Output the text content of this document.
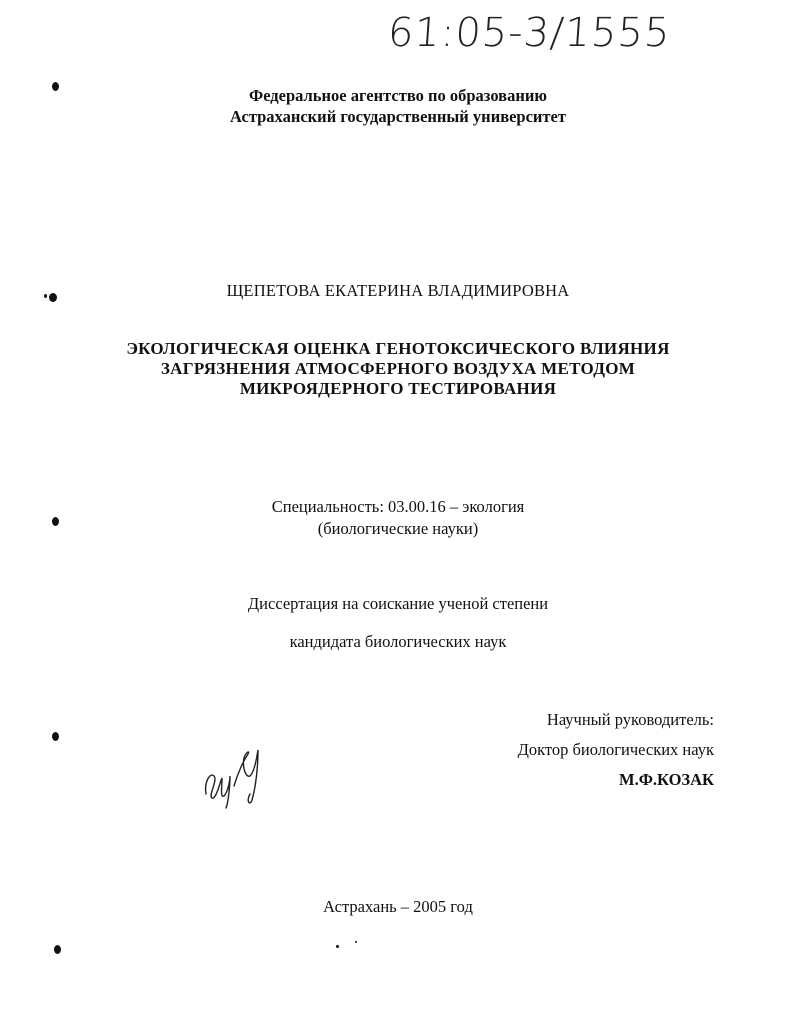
61:05-3/1555
Федеральное агентство по образованию
Астраханский государственный университет
ЩЕПЕТОВА ЕКАТЕРИНА ВЛАДИМИРОВНА
ЭКОЛОГИЧЕСКАЯ ОЦЕНКА ГЕНОТОКСИЧЕСКОГО ВЛИЯНИЯ
ЗАГРЯЗНЕНИЯ АТМОСФЕРНОГО ВОЗДУХА МЕТОДОМ
МИКРОЯДЕРНОГО ТЕСТИРОВАНИЯ
Специальность: 03.00.16 – экология
(биологические науки)
Диссертация на соискание ученой степени
кандидата биологических наук
Научный руководитель:
Доктор биологических наук
М.Ф.КОЗАК
Астрахань – 2005 год
